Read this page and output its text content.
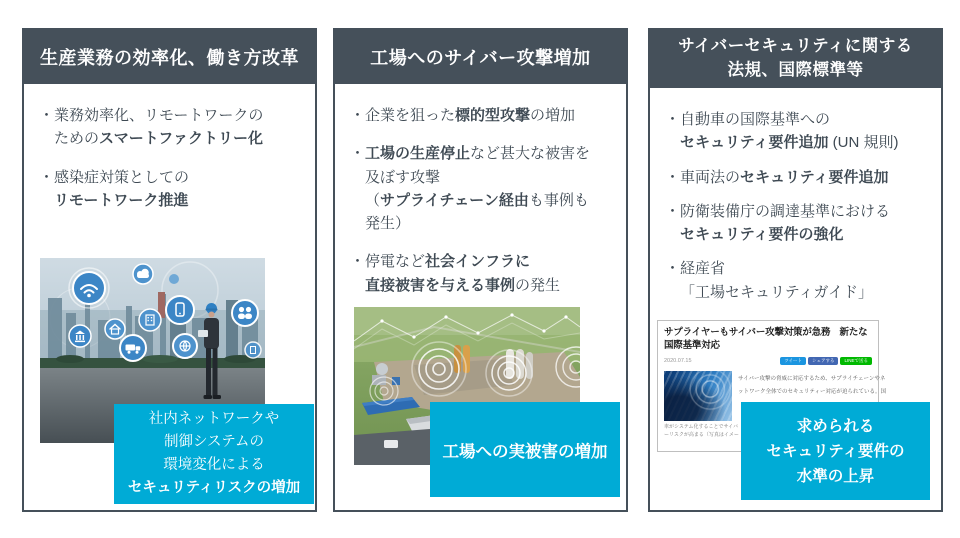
生産業務の効率化、働き方改革

・業務効率化、リモートワークの
ためのスマートファクトリー化

・感染症対策としての
リモートワーク推進

社内ネットワークや
制御システムの
環境変化による
セキュリティリスクの増加
工場へのサイバー攻撃増加

・企業を狙った標的型攻撃の増加

・工場の生産停止など甚大な被害を
及ぼす攻撃
（サプライチェーン経由も事例も
発生）

・停電など社会インフラに
直接被害を与える事例の発生

工場への実被害の増加
サイバーセキュリティに関する
法規、国際標準等

・自動車の国際基準への
セキュリティ要件追加 (UN 規則)

・車両法のセキュリティ要件追加

・防衛装備庁の調達基準における
セキュリティ要件の強化

・経産省
「工場セキュリティガイド」

サプライヤーもサイバー攻撃対策が急務　新たな
国際基準対応
2020.07.15	ツイート	シェアする	LINEで送る
車がシステム化することでサイバ
ーリスクが高まる（写真はイメー
サイバー攻撃の脅威に対応するため、サプライチェーンやネ
ットワーク全体でのセキュリティー対応が迫られている。国
求められる
セキュリティ要件の
水準の上昇
